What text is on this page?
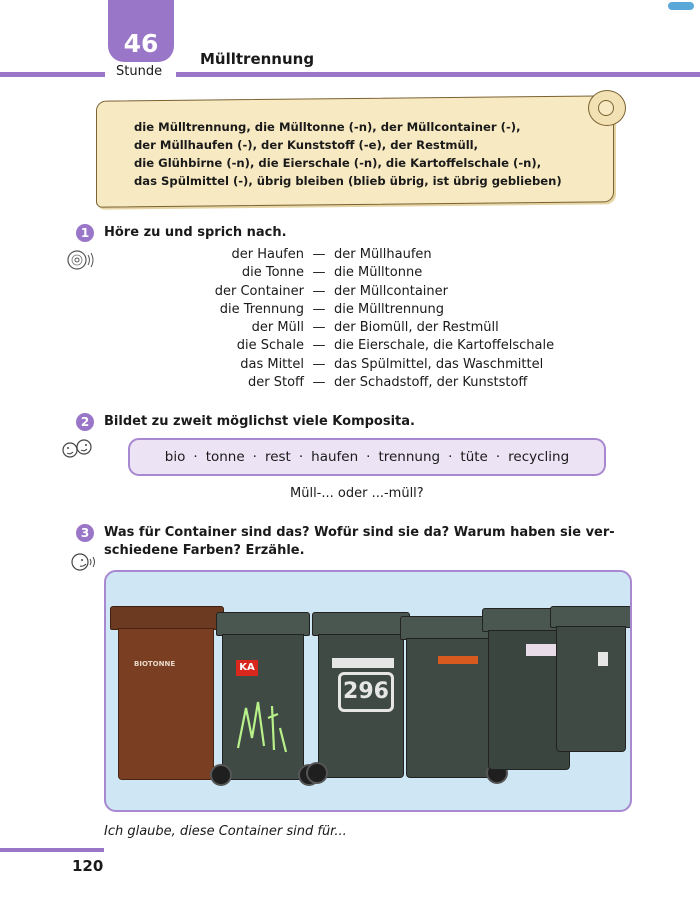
46
Stunde
Mülltrennung
die Mülltrennung, die Mülltonne (-n), der Müllcontainer (-),
der Müllhaufen (-), der Kunststoff (-e), der Restmüll,
die Glühbirne (-n), die Eierschale (-n), die Kartoffelschale (-n),
das Spülmittel (-), übrig bleiben (blieb übrig, ist übrig geblieben)
1	Höre zu und sprich nach.
der Haufen — der Müllhaufen
die Tonne — die Mülltonne
der Container — der Müllcontainer
die Trennung — die Mülltrennung
der Müll — der Biomüll, der Restmüll
die Schale — die Eierschale, die Kartoffelschale
das Mittel — das Spülmittel, das Waschmittel
der Stoff — der Schadstoff, der Kunststoff
2	Bildet zu zweit möglichst viele Komposita.
bio · tonne · rest · haufen · trennung · tüte · recycling
Müll-... oder ...-müll?
3	Was für Container sind das? Wofür sind sie da? Warum haben sie ver-
schiedene Farben? Erzähle.
BIOTONNE	KA
296
Ich glaube, diese Container sind für...
120
